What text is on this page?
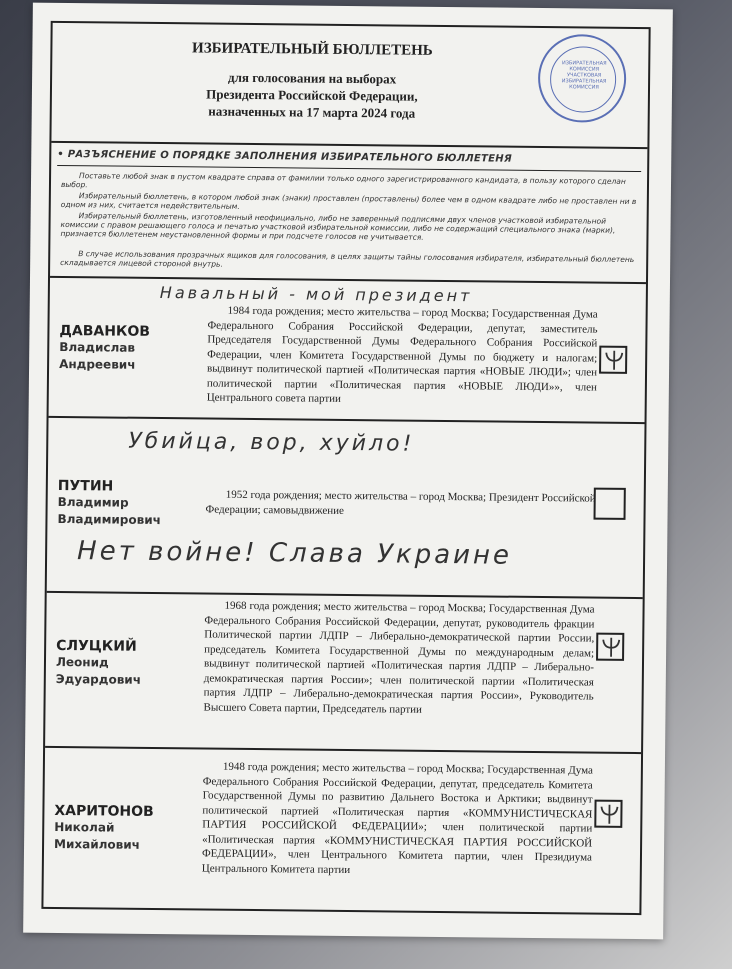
ИЗБИРАТЕЛЬНЫЙ БЮЛЛЕТЕНЬ
для голосования на выборах
Президента Российской Федерации,
назначенных на 17 марта 2024 года
ИЗБИРАТЕЛЬНАЯ КОМИССИЯ УЧАСТКОВАЯ ИЗБИРАТЕЛЬНАЯ КОМИССИЯ
• РАЗЪЯСНЕНИЕ О ПОРЯДКЕ ЗАПОЛНЕНИЯ ИЗБИРАТЕЛЬНОГО БЮЛЛЕТЕНЯ
Поставьте любой знак в пустом квадрате справа от фамилии только одного зарегистрированного кандидата, в пользу которого сделан выбор.
Избирательный бюллетень, в котором любой знак (знаки) проставлен (проставлены) более чем в одном квадрате либо не проставлен ни в одном из них, считается недействительным.
Избирательный бюллетень, изготовленный неофициально, либо не заверенный подписями двух членов участковой избирательной комиссии с правом решающего голоса и печатью участковой избирательной комиссии, либо не содержащий специального знака (марки), признается бюллетенем неустановленной формы и при подсчете голосов не учитывается.
В случае использования прозрачных ящиков для голосования, в целях защиты тайны голосования избирателя, избирательный бюллетень складывается лицевой стороной внутрь.
Навальный - мой президент
ДАВАНКОВ
Владислав
Андреевич
1984 года рождения; место жительства – город Москва; Государственная Дума Федерального Собрания Российской Федерации, депутат, заместитель Председателя Государственной Думы Федерального Собрания Российской Федерации, член Комитета Государственной Думы по бюджету и налогам; выдвинут политической партией «Политическая партия «НОВЫЕ ЛЮДИ»; член политической партии «Политическая партия «НОВЫЕ ЛЮДИ»», член Центрального совета партии
Убийца, вор, хуйло!
ПУТИН
Владимир
Владимирович
1952 года рождения; место жительства – город Москва; Президент Российской Федерации; самовыдвижение
Нет войне! Слава Украине
СЛУЦКИЙ
Леонид
Эдуардович
1968 года рождения; место жительства – город Москва; Государственная Дума Федерального Собрания Российской Федерации, депутат, руководитель фракции Политической партии ЛДПР – Либерально-демократической партии России, председатель Комитета Государственной Думы по международным делам; выдвинут политической партией «Политическая партия ЛДПР – Либерально-демократическая партия России»; член политической партии «Политическая партия ЛДПР – Либерально-демократическая партия России», Руководитель Высшего Совета партии, Председатель партии
ХАРИТОНОВ
Николай
Михайлович
1948 года рождения; место жительства – город Москва; Государственная Дума Федерального Собрания Российской Федерации, депутат, председатель Комитета Государственной Думы по развитию Дальнего Востока и Арктики; выдвинут политической партией «Политическая партия «КОММУНИСТИЧЕСКАЯ ПАРТИЯ РОССИЙСКОЙ ФЕДЕРАЦИИ»; член политической партии «Политическая партия «КОММУНИСТИЧЕСКАЯ ПАРТИЯ РОССИЙСКОЙ ФЕДЕРАЦИИ», член Центрального Комитета партии, член Президиума Центрального Комитета партии
